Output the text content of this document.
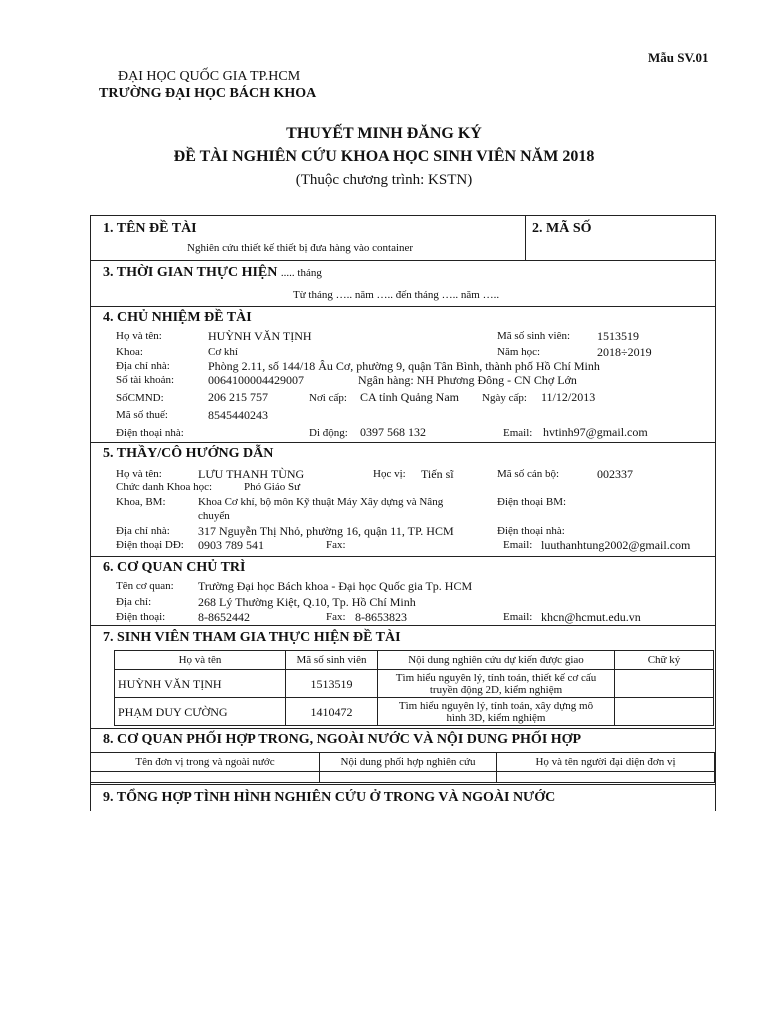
Mẫu SV.01
ĐẠI HỌC QUỐC GIA TP.HCM
TRƯỜNG ĐẠI HỌC BÁCH KHOA
THUYẾT MINH ĐĂNG KÝ
ĐỀ TÀI NGHIÊN CỨU KHOA HỌC SINH VIÊN NĂM 2018
(Thuộc chương trình: KSTN)
1. TÊN ĐỀ TÀI
Nghiên cứu thiết kế thiết bị đưa hàng vào container
2. MÃ SỐ
3. THỜI GIAN THỰC HIỆN ..... tháng
Từ tháng ….. năm ….. đến tháng ….. năm …..
4. CHỦ NHIỆM ĐỀ TÀI
Họ và tên:	HUỲNH VĂN TỊNH	Mã số sinh viên: 1513519
Khoa:	Cơ khí	Năm học:	2018÷2019
Địa chỉ nhà:	Phòng 2.11, số 144/18 Âu Cơ, phường 9, quận Tân Bình, thành phố Hồ Chí Minh
Số tài khoản:	0064100004429007	Ngân hàng: NH Phương Đông - CN Chợ Lớn
SốCMND:	206 215 757	Nơi cấp: CA tỉnh Quảng Nam Ngày cấp: 11/12/2013
Mã số thuế:	8545440243
Điện thoại nhà:	Di động: 0397 568 132	Email: hvtinh97@gmail.com
5. THẦY/CÔ HƯỚNG DẪN
Họ và tên:	LƯU THANH TÙNG	Học vị: Tiến sĩ	Mã số cán bộ:	002337
Chức danh Khoa học:	Phó Giáo Sư
Khoa, BM:	Khoa Cơ khí, bộ môn Kỹ thuật Máy Xây dựng và Nâng
chuyển
Điện thoại BM:
Địa chỉ nhà: 317 Nguyễn Thị Nhỏ, phường 16, quận 11, TP. HCM	Điện thoại nhà:
Điện thoại DĐ: 0903 789 541	Fax:	Email: luuthanhtung2002@gmail.com
6. CƠ QUAN CHỦ TRÌ
Tên cơ quan: Trường Đại học Bách khoa - Đại học Quốc gia Tp. HCM
Địa chỉ:	268 Lý Thường Kiệt, Q.10, Tp. Hồ Chí Minh
Điện thoại:	8-8652442	Fax: 8-8653823	Email: khcn@hcmut.edu.vn
7. SINH VIÊN THAM GIA THỰC HIỆN ĐỀ TÀI
Họ và tên	Mã số sinh viên	Nội dung nghiên cứu dự kiến được giao	Chữ ký
HUỲNH VĂN TỊNH	1513519	Tìm hiểu nguyên lý, tính toán, thiết kế cơ cấu
truyền động 2D, kiểm nghiệm	
PHẠM DUY CƯỜNG	1410472	Tìm hiểu nguyên lý, tính toán, xây dựng mô
hình 3D, kiểm nghiệm	
8. CƠ QUAN PHỐI HỢP TRONG, NGOÀI NƯỚC VÀ NỘI DUNG PHỐI HỢP
Tên đơn vị trong và ngoài nước	Nội dung phối hợp nghiên cứu	Họ và tên người đại diện đơn vị

9. TỔNG HỢP TÌNH HÌNH NGHIÊN CỨU Ở TRONG VÀ NGOÀI NƯỚC
